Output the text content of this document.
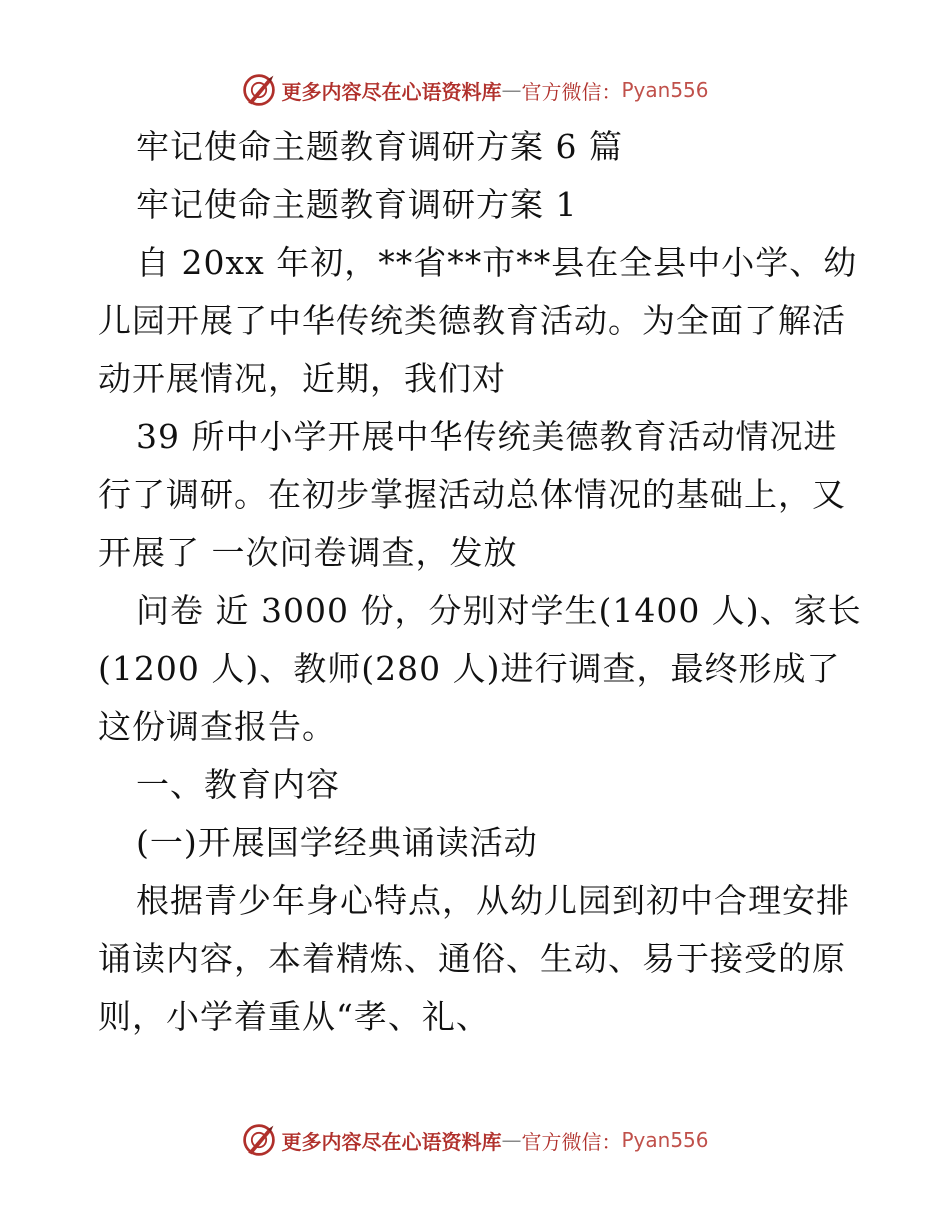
更多内容尽在心语资料库 — 官方微信： Pyan556
牢记使命主题教育调研方案 6 篇
牢记使命主题教育调研方案 1
自 20xx 年初，**省**市**县在全县中小学、幼
儿园开展了中华传统类德教育活动。为全面了解活
动开展情况，近期，我们对
39 所中小学开展中华传统美德教育活动情况进
行了调研。在初步掌握活动总体情况的基础上，又
开展了 一次问卷调查，发放
问卷 近 3000 份，分别对学生(1400 人)、家长
(1200 人)、教师(280 人)进行调查，最终形成了
这份调查报告。
一、教育内容
(一)开展国学经典诵读活动
根据青少年身心特点，从幼儿园到初中合理安排
诵读内容，本着精炼、通俗、生动、易于接受的原
则，小学着重从“孝、礼、
更多内容尽在心语资料库 — 官方微信： Pyan556
